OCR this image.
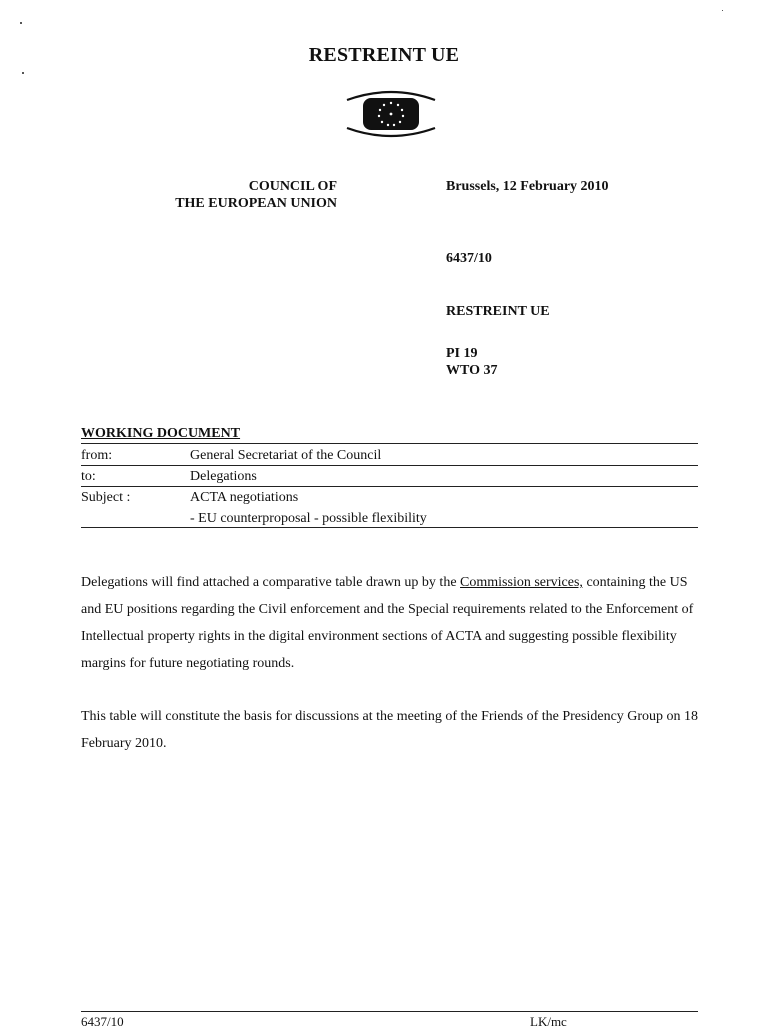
RESTREINT UE
COUNCIL OF
THE EUROPEAN UNION
Brussels, 12 February 2010
6437/10
RESTREINT UE
PI 19
WTO 37
WORKING DOCUMENT
from:	General Secretariat of the Council
to:	Delegations
Subject :	ACTA negotiations
- EU counterproposal - possible flexibility
Delegations will find attached a comparative table drawn up by the Commission services, containing the US and EU positions regarding the Civil enforcement and the Special requirements related to the Enforcement of Intellectual property rights in the digital environment sections of ACTA and suggesting possible flexibility margins for future negotiating rounds.
This table will constitute the basis for discussions at the meeting of the Friends of the Presidency Group on 18 February 2010.
6437/10	LK/mc
